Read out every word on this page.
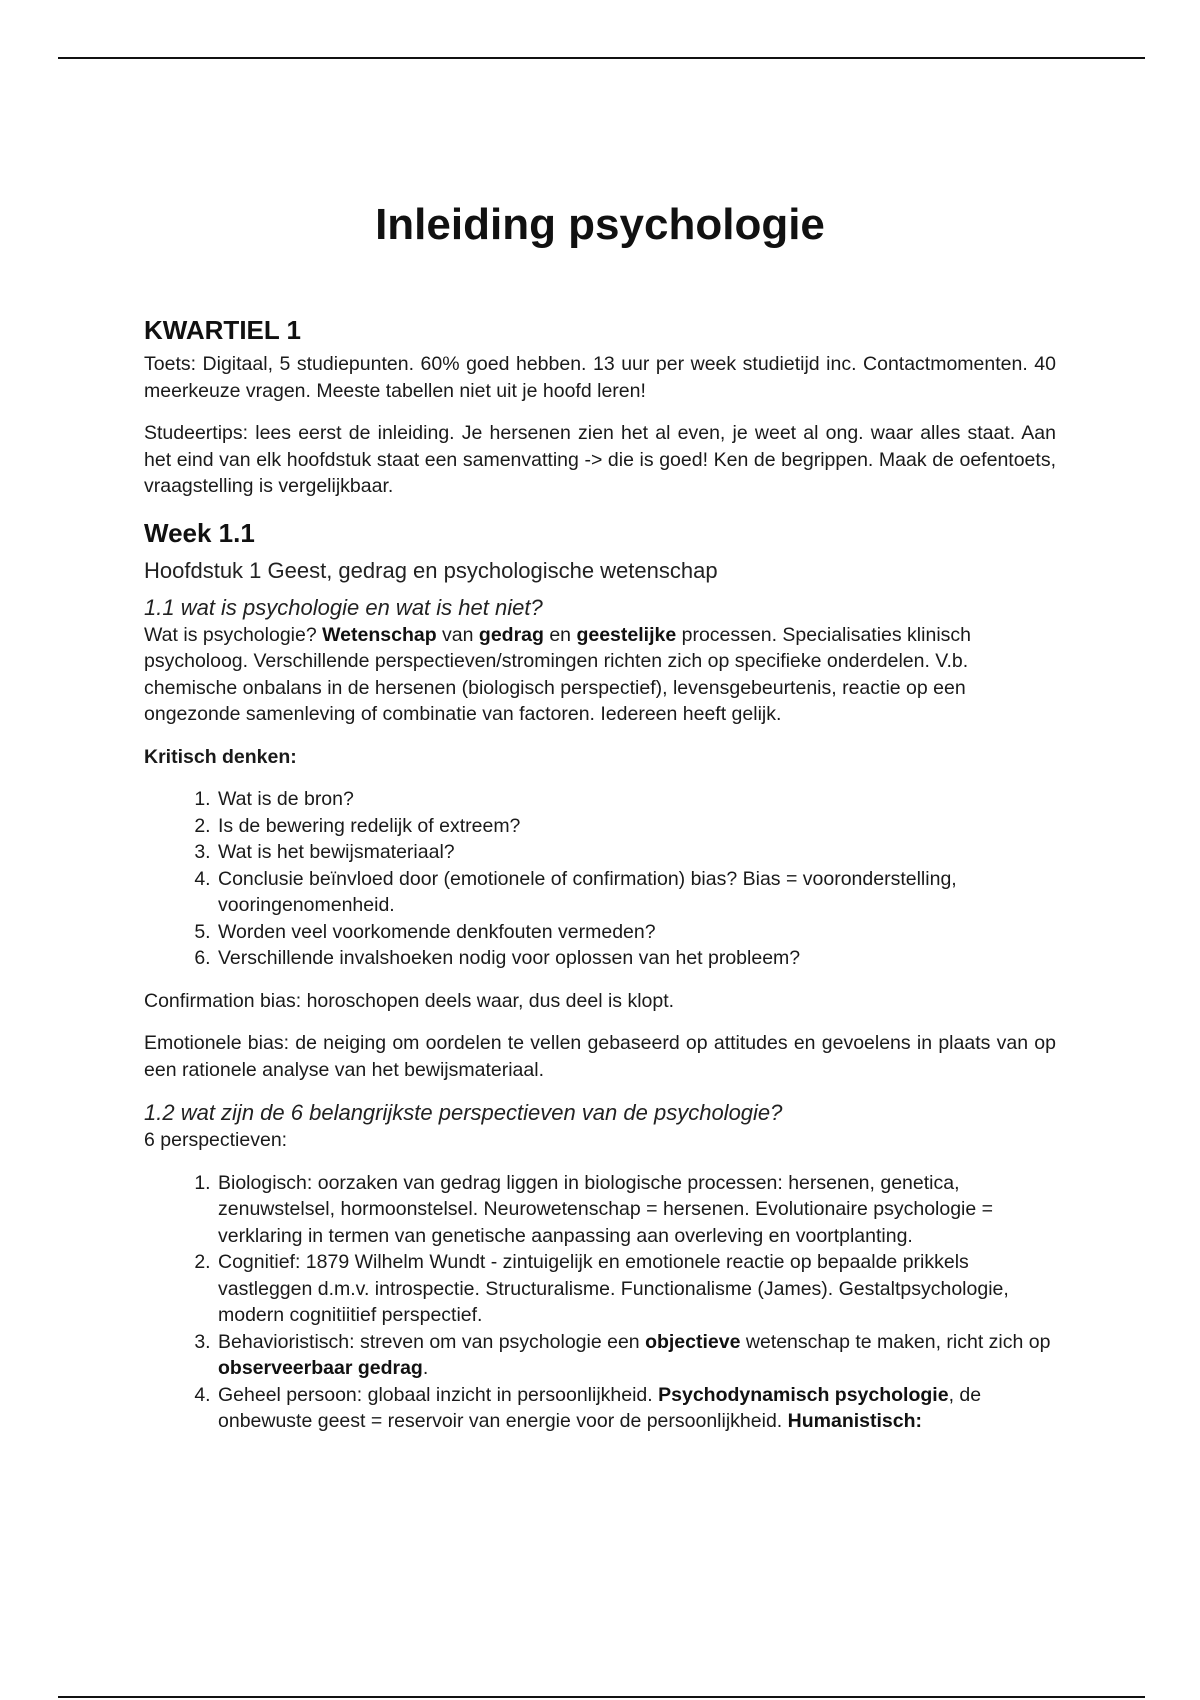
Inleiding psychologie
KWARTIEL 1

Toets: Digitaal, 5 studiepunten. 60% goed hebben. 13 uur per week studietijd inc. Contactmomenten. 40 meerkeuze vragen. Meeste tabellen niet uit je hoofd leren!

Studeertips: lees eerst de inleiding. Je hersenen zien het al even, je weet al ong. waar alles staat. Aan het eind van elk hoofdstuk staat een samenvatting -> die is goed! Ken de begrippen. Maak de oefentoets, vraagstelling is vergelijkbaar.

Week 1.1
Hoofdstuk 1 Geest, gedrag en psychologische wetenschap
1.1 wat is psychologie en wat is het niet?

Wat is psychologie? Wetenschap van gedrag en geestelijke processen. Specialisaties klinisch psycholoog. Verschillende perspectieven/stromingen richten zich op specifieke onderdelen. V.b. chemische onbalans in de hersenen (biologisch perspectief), levensgebeurtenis, reactie op een ongezonde samenleving of combinatie van factoren. Iedereen heeft gelijk.

Kritisch denken:

1. Wat is de bron?
2. Is de bewering redelijk of extreem?
3. Wat is het bewijsmateriaal?
4. Conclusie beïnvloed door (emotionele of confirmation) bias? Bias = vooronderstelling, vooringenomenheid.
5. Worden veel voorkomende denkfouten vermeden?
6. Verschillende invalshoeken nodig voor oplossen van het probleem?

Confirmation bias: horoschopen deels waar, dus deel is klopt.

Emotionele bias: de neiging om oordelen te vellen gebaseerd op attitudes en gevoelens in plaats van op een rationele analyse van het bewijsmateriaal.

1.2 wat zijn de 6 belangrijkste perspectieven van de psychologie?

6 perspectieven:

1. Biologisch: oorzaken van gedrag liggen in biologische processen: hersenen, genetica, zenuwstelsel, hormoonstelsel. Neurowetenschap = hersenen. Evolutionaire psychologie = verklaring in termen van genetische aanpassing aan overleving en voortplanting.
2. Cognitief: 1879 Wilhelm Wundt - zintuigelijk en emotionele reactie op bepaalde prikkels vastleggen d.m.v. introspectie. Structuralisme. Functionalisme (James). Gestaltpsychologie, modern cognitiitief perspectief.
3. Behavioristisch: streven om van psychologie een objectieve wetenschap te maken, richt zich op observeerbaar gedrag.
4. Geheel persoon: globaal inzicht in persoonlijkheid. Psychodynamisch psychologie, de onbewuste geest = reservoir van energie voor de persoonlijkheid. Humanistisch:
